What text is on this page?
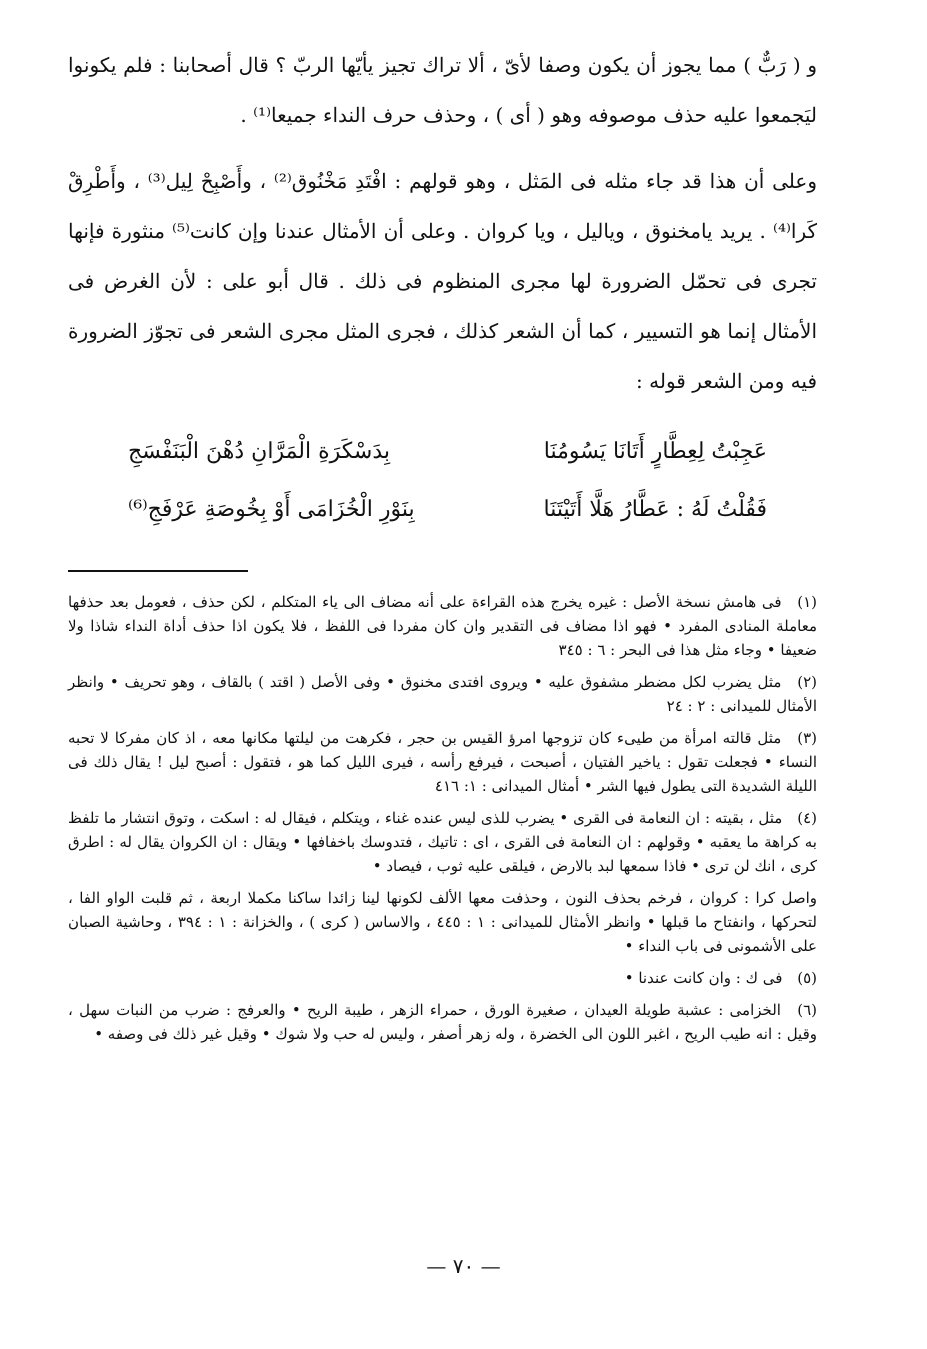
و ( رَبٌّ ) مما يجوز أن يكون وصفا لأىّ ، ألا تراك تجيز يأيّها الربّ ؟ قال أصحابنا : فلم يكونوا ليَجمعوا عليه حذف موصوفه وهو ( أى ) ، وحذف حرف النداء جميعا⁽¹⁾ .

وعلى أن هذا قد جاء مثله فى المَثل ، وهو قولهم : افْتَدِ مَخْنُوق⁽²⁾ ، وأَصْبِحْ لِيل⁽³⁾ ، وأَطْرِقْ كَرا⁽⁴⁾ . يريد يامخنوق ، وياليل ، ويا كروان . وعلى أن الأمثال عندنا وإن كانت⁽⁵⁾ منثورة فإنها تجرى فى تحمّل الضرورة لها مجرى المنظوم فى ذلك . قال أبو على : لأن الغرض فى الأمثال إنما هو التسيير ، كما أن الشعر كذلك ، فجرى المثل مجرى الشعر فى تجوّز الضرورة فيه ومن الشعر قوله :

عَجِبْتُ لِعِطَّارٍ أَتَانَا يَسُومُنَا
بِدَسْكَرَةِ الْمَرَّانِ دُهْنَ الْبَنَفْسَجِ
فَقُلْتُ لَهُ : عَطَّارُ هَلَّا أَتَيْتَنَا
بِنَوْرِ الْخُزَامَى أَوْ بِخُوصَةِ عَرْفَجِ⁽⁶⁾

(١) فى هامش نسخة الأصل : غيره يخرج هذه القراءة على أنه مضاف الى ياء المتكلم ، لكن حذف ، فعومل بعد حذفها معاملة المنادى المفرد • فهو اذا مضاف فى التقدير وان كان مفردا فى اللفظ ، فلا يكون اذا حذف أداة النداء شاذا ولا ضعيفا • وجاء مثل هذا فى البحر : ٦ : ٣٤٥

(٢) مثل يضرب لكل مضطر مشفوق عليه • ويروى افتدى مخنوق • وفى الأصل ( اقتد ) بالقاف ، وهو تحريف • وانظر الأمثال للميدانى : ٢ : ٢٤

(٣) مثل قالته امرأة من طيىء كان تزوجها امرؤ القيس بن حجر ، فكرهت من ليلتها مكانها معه ، اذ كان مفركا لا تحبه النساء • فجعلت تقول : ياخير الفتيان ، أصبحت ، فيرفع رأسه ، فيرى الليل كما هو ، فتقول : أصبح ليل ! يقال ذلك فى الليلة الشديدة التى يطول فيها الشر • أمثال الميدانى : ١: ٤١٦

(٤) مثل ، بقيته : ان النعامة فى القرى • يضرب للذى ليس عنده غناء ، ويتكلم ، فيقال له : اسكت ، وتوق انتشار ما تلفظ به كراهة ما يعقبه • وقولهم : ان النعامة فى القرى ، اى : تاتيك ، فتدوسك باخفافها • ويقال : ان الكروان يقال له : اطرق كرى ، انك لن ترى • فاذا سمعها لبد بالارض ، فيلقى عليه ثوب ، فيصاد •

واصل كرا : كروان ، فرخم بحذف النون ، وحذفت معها الألف لكونها لينا زائدا ساكنا مكملا اربعة ، ثم قلبت الواو الفا ، لتحركها ، وانفتاح ما قبلها • وانظر الأمثال للميدانى : ١ : ٤٤٥ ، والاساس ( كرى ) ، والخزانة : ١ : ٣٩٤ ، وحاشية الصبان على الأشمونى فى باب النداء •

(٥) فى ك : وان كانت عندنا •

(٦) الخزامى : عشبة طويلة العيدان ، صغيرة الورق ، حمراء الزهر ، طيبة الريح • والعرفج : ضرب من النبات سهل ، وقيل : انه طيب الريح ، اغبر اللون الى الخضرة ، وله زهر أصفر ، وليس له حب ولا شوك • وقيل غير ذلك فى وصفه •

— ٧٠ —
